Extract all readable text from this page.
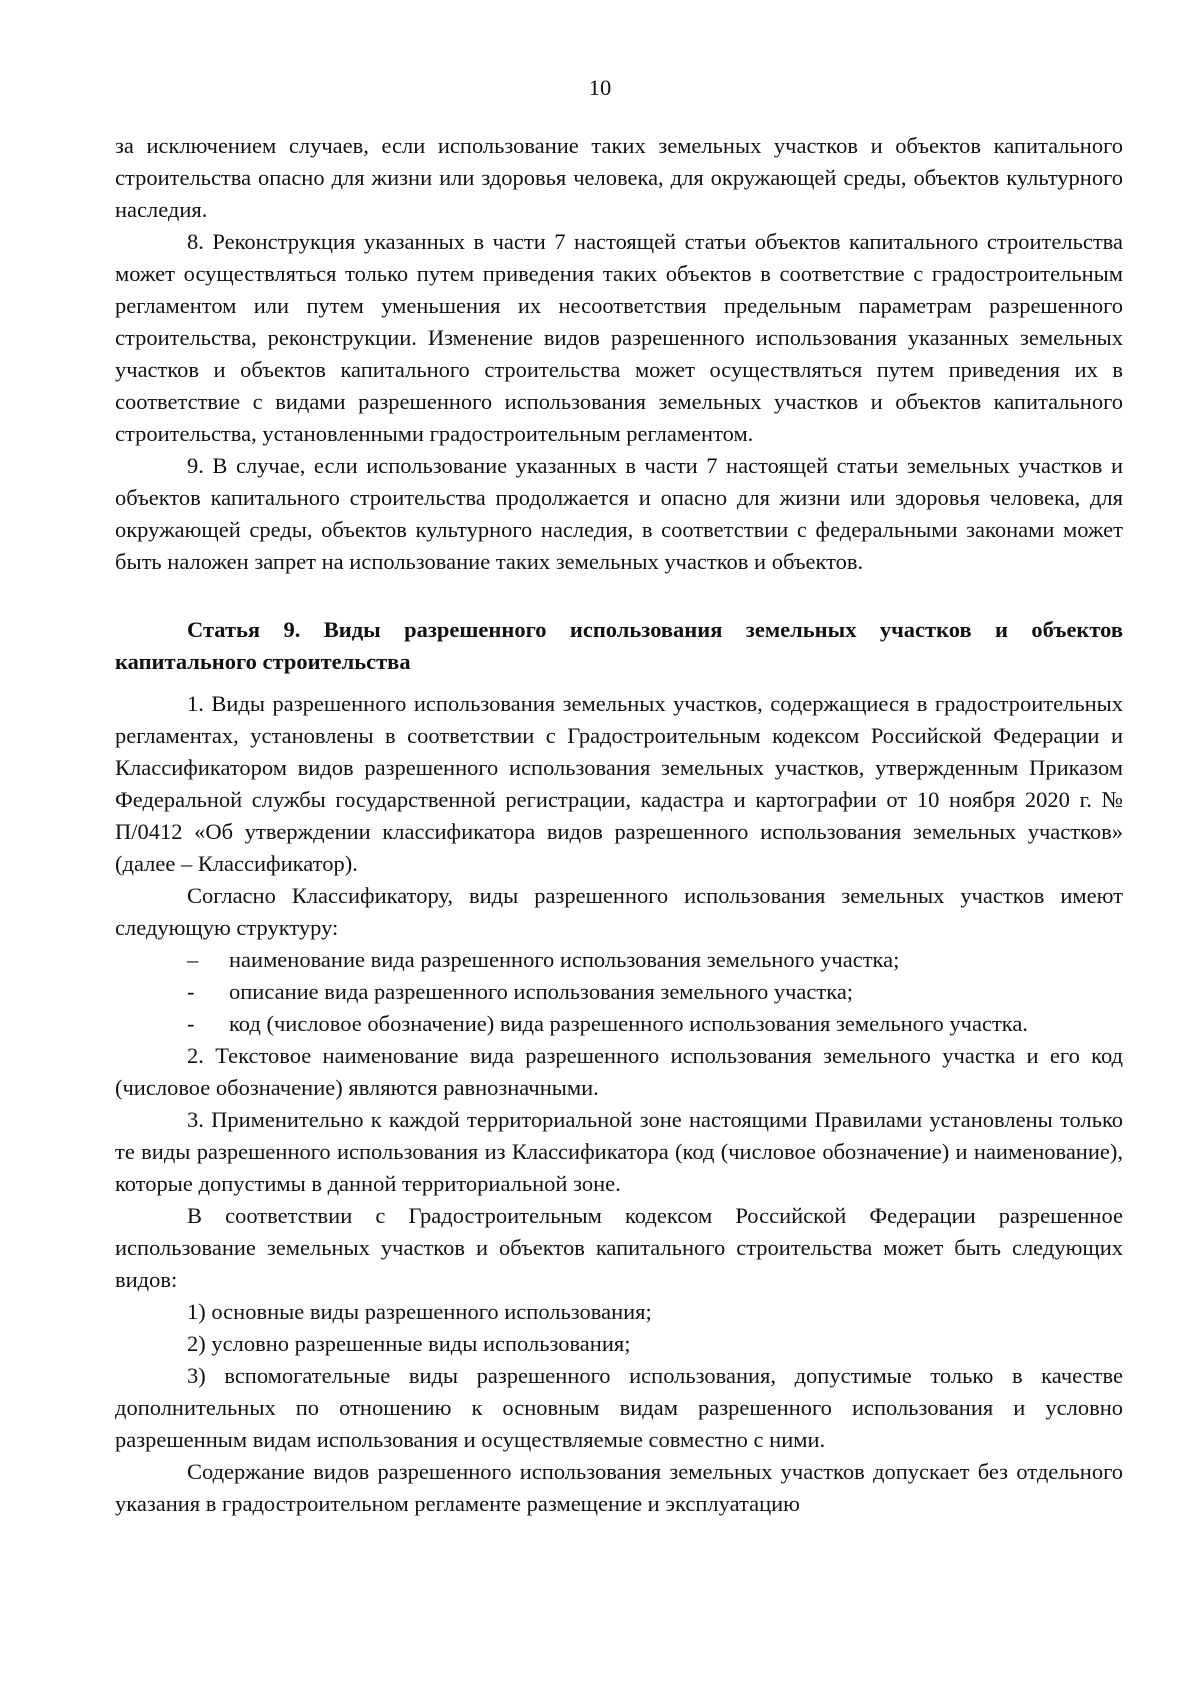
10

за исключением случаев, если использование таких земельных участков и объектов капитального строительства опасно для жизни или здоровья человека, для окружающей среды, объектов культурного наследия.

8. Реконструкция указанных в части 7 настоящей статьи объектов капитального строительства может осуществляться только путем приведения таких объектов в соответствие с градостроительным регламентом или путем уменьшения их несоответствия предельным параметрам разрешенного строительства, реконструкции. Изменение видов разрешенного использования указанных земельных участков и объектов капитального строительства может осуществляться путем приведения их в соответствие с видами разрешенного использования земельных участков и объектов капитального строительства, установленными градостроительным регламентом.

9. В случае, если использование указанных в части 7 настоящей статьи земельных участков и объектов капитального строительства продолжается и опасно для жизни или здоровья человека, для окружающей среды, объектов культурного наследия, в соответствии с федеральными законами может быть наложен запрет на использование таких земельных участков и объектов.

Статья 9. Виды разрешенного использования земельных участков и объектов капитального строительства

1. Виды разрешенного использования земельных участков, содержащиеся в градостроительных регламентах, установлены в соответствии с Градостроительным кодексом Российской Федерации и Классификатором видов разрешенного использования земельных участков, утвержденным Приказом Федеральной службы государственной регистрации, кадастра и картографии от 10 ноября 2020 г. № П/0412 «Об утверждении классификатора видов разрешенного использования земельных участков» (далее – Классификатор).

Согласно Классификатору, виды разрешенного использования земельных участков имеют следующую структуру:

– наименование вида разрешенного использования земельного участка;
- описание вида разрешенного использования земельного участка;
- код (числовое обозначение) вида разрешенного использования земельного участка.

2. Текстовое наименование вида разрешенного использования земельного участка и его код (числовое обозначение) являются равнозначными.

3. Применительно к каждой территориальной зоне настоящими Правилами установлены только те виды разрешенного использования из Классификатора (код (числовое обозначение) и наименование), которые допустимы в данной территориальной зоне.

В соответствии с Градостроительным кодексом Российской Федерации разрешенное использование земельных участков и объектов капитального строительства может быть следующих видов:

1) основные виды разрешенного использования;

2) условно разрешенные виды использования;

3) вспомогательные виды разрешенного использования, допустимые только в качестве дополнительных по отношению к основным видам разрешенного использования и условно разрешенным видам использования и осуществляемые совместно с ними.

Содержание видов разрешенного использования земельных участков допускает без отдельного указания в градостроительном регламенте размещение и эксплуатацию
